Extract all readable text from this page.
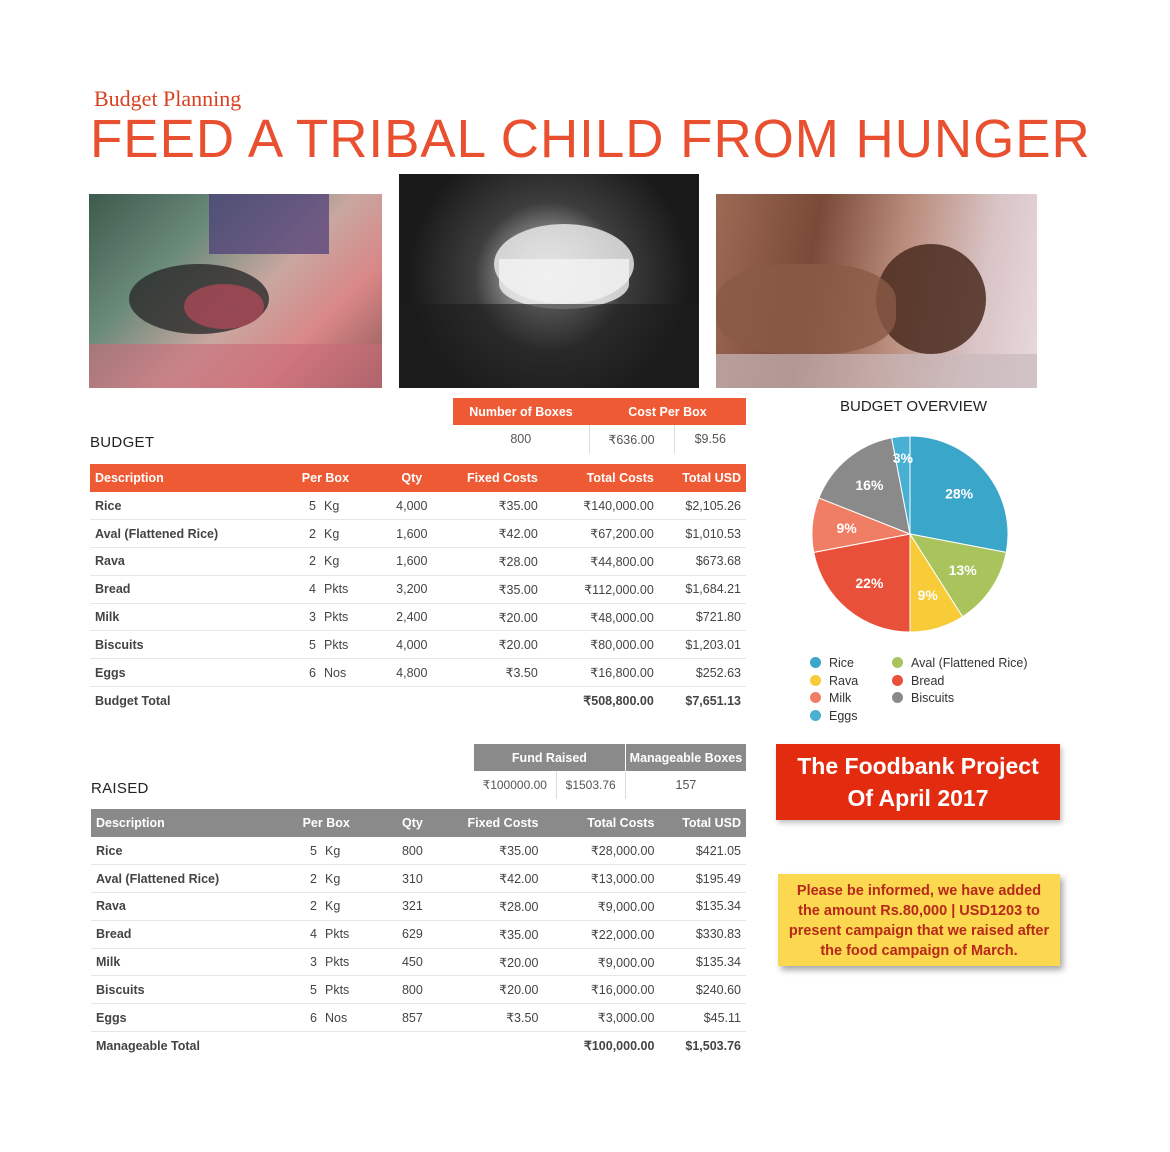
Budget Planning
FEED A TRIBAL CHILD FROM HUNGER
Number of Boxes	Cost Per Box	
800	₹636.00	$9.56
BUDGET
Description	Per Box		Qty	Fixed Costs	Total Costs	Total USD
Rice	5	Kg	4,000	₹35.00	₹140,000.00	$2,105.26
Aval (Flattened Rice)	2	Kg	1,600	₹42.00	₹67,200.00	$1,010.53
Rava	2	Kg	1,600	₹28.00	₹44,800.00	$673.68
Bread	4	Pkts	3,200	₹35.00	₹112,000.00	$1,684.21
Milk	3	Pkts	2,400	₹20.00	₹48,000.00	$721.80
Biscuits	5	Pkts	4,000	₹20.00	₹80,000.00	$1,203.01
Eggs	6	Nos	4,800	₹3.50	₹16,800.00	$252.63
Budget Total					₹508,800.00	$7,651.13
Fund Raised		Manageable Boxes
₹100000.00	$1503.76	157
RAISED
Description	Per Box		Qty	Fixed Costs	Total Costs	Total USD
Rice	5	Kg	800	₹35.00	₹28,000.00	$421.05
Aval (Flattened Rice)	2	Kg	310	₹42.00	₹13,000.00	$195.49
Rava	2	Kg	321	₹28.00	₹9,000.00	$135.34
Bread	4	Pkts	629	₹35.00	₹22,000.00	$330.83
Milk	3	Pkts	450	₹20.00	₹9,000.00	$135.34
Biscuits	5	Pkts	800	₹20.00	₹16,000.00	$240.60
Eggs	6	Nos	857	₹3.50	₹3,000.00	$45.11
Manageable Total					₹100,000.00	$1,503.76
BUDGET OVERVIEW
28%
13%
9%
22%
9%
16%
3%
Rice	Aval (Flattened Rice)
Rava	Bread
Milk	Biscuits
Eggs
The Foodbank Project
Of April 2017
Please be informed, we have added
the amount Rs.80,000 | USD1203 to
present campaign that we raised after
the food campaign of March.
